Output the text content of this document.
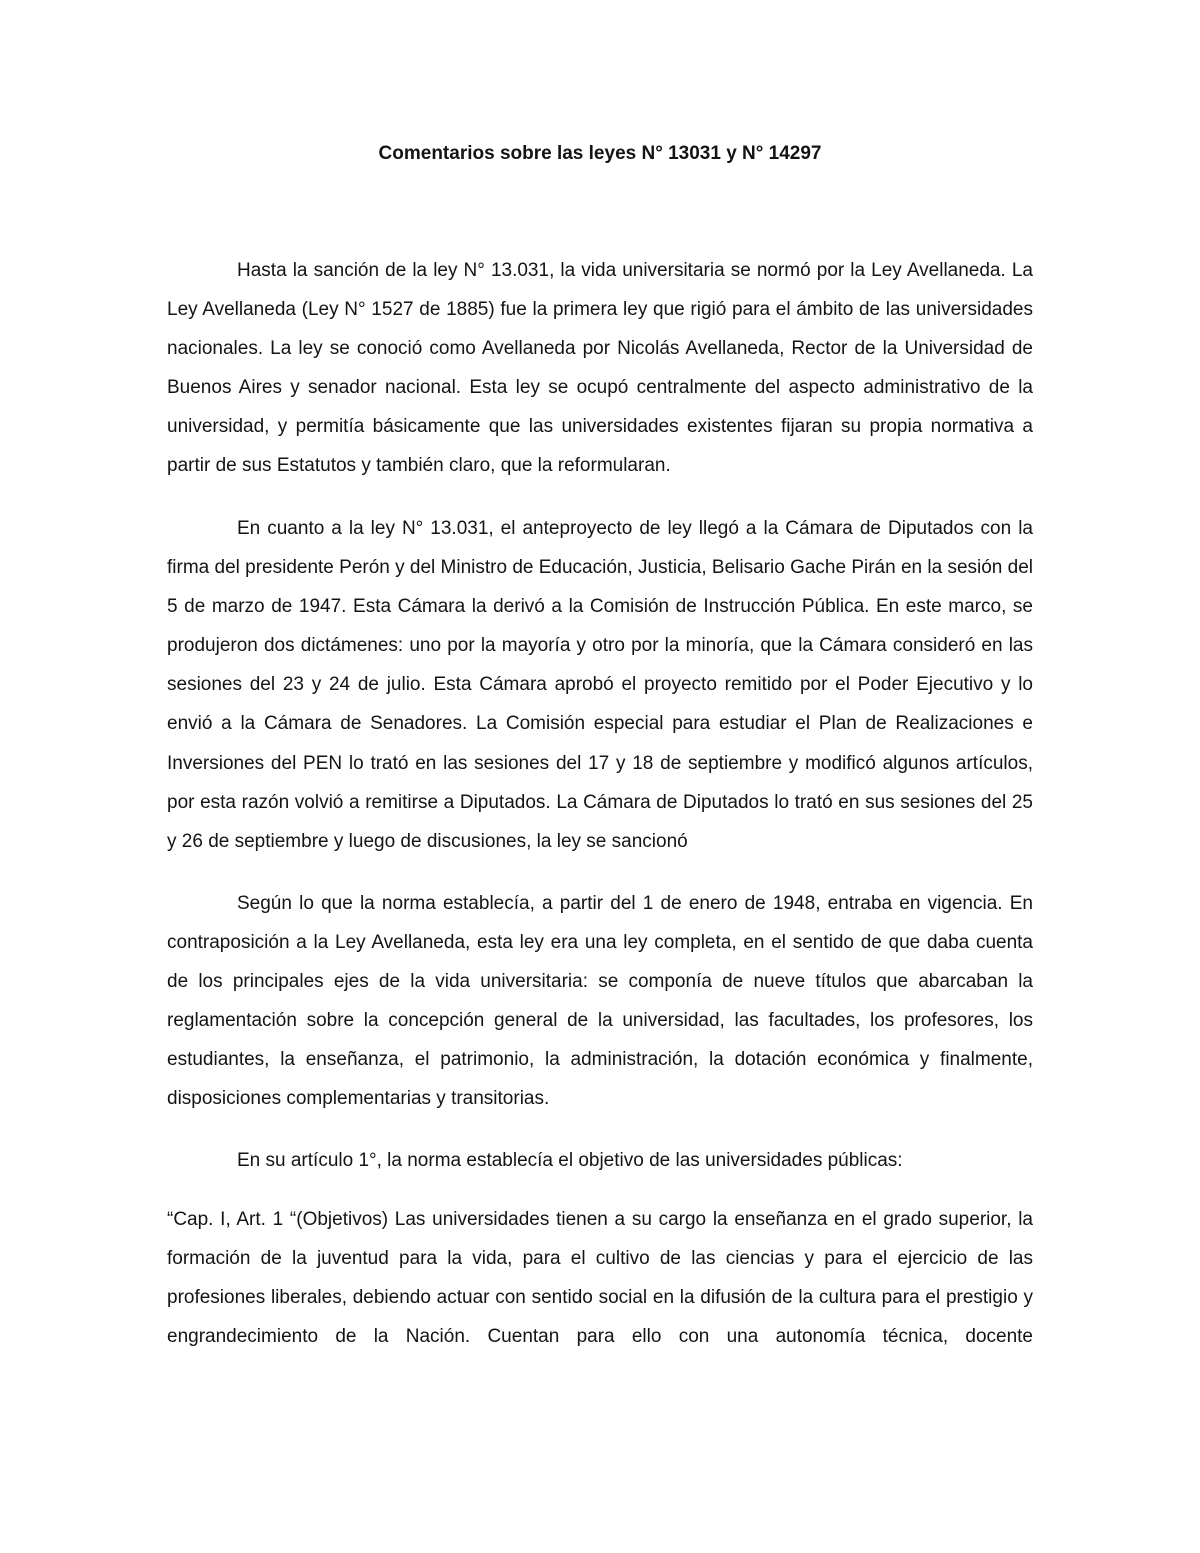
Comentarios sobre las leyes N° 13031 y N° 14297

Hasta la sanción de la ley N° 13.031, la vida universitaria se normó por la Ley Avellaneda. La Ley Avellaneda (Ley N° 1527 de 1885) fue la primera ley que rigió para el ámbito de las universidades nacionales. La ley se conoció como Avellaneda por Nicolás Avellaneda, Rector de la Universidad de Buenos Aires y senador nacional. Esta ley se ocupó centralmente del aspecto administrativo de la universidad, y permitía básicamente que las universidades existentes fijaran su propia normativa a partir de sus Estatutos y también claro, que la reformularan.

En cuanto a la ley N° 13.031, el anteproyecto de ley llegó a la Cámara de Diputados con la firma del presidente Perón y del Ministro de Educación, Justicia, Belisario Gache Pirán en la sesión del 5 de marzo de 1947. Esta Cámara la derivó a la Comisión de Instrucción Pública. En este marco, se produjeron dos dictámenes: uno por la mayoría y otro por la minoría, que la Cámara consideró en las sesiones del 23 y 24 de julio. Esta Cámara aprobó el proyecto remitido por el Poder Ejecutivo y lo envió a la Cámara de Senadores. La Comisión especial para estudiar el Plan de Realizaciones e Inversiones del PEN lo trató en las sesiones del 17 y 18 de septiembre y modificó algunos artículos, por esta razón volvió a remitirse a Diputados. La Cámara de Diputados lo trató en sus sesiones del 25 y 26 de septiembre y luego de discusiones, la ley se sancionó

Según lo que la norma establecía, a partir del 1 de enero de 1948, entraba en vigencia. En contraposición a la Ley Avellaneda, esta ley era una ley completa, en el sentido de que daba cuenta de los principales ejes de la vida universitaria: se componía de nueve títulos que abarcaban la reglamentación sobre la concepción general de la universidad, las facultades, los profesores, los estudiantes, la enseñanza, el patrimonio, la administración, la dotación económica y finalmente, disposiciones complementarias y transitorias.

En su artículo 1°, la norma establecía el objetivo de las universidades públicas:

“Cap. I, Art. 1 “(Objetivos) Las universidades tienen a su cargo la enseñanza en el grado superior, la formación de la juventud para la vida, para el cultivo de las ciencias y para el ejercicio de las profesiones liberales, debiendo actuar con sentido social en la difusión de la cultura para el prestigio y engrandecimiento de la Nación. Cuentan para ello con una autonomía técnica, docente
